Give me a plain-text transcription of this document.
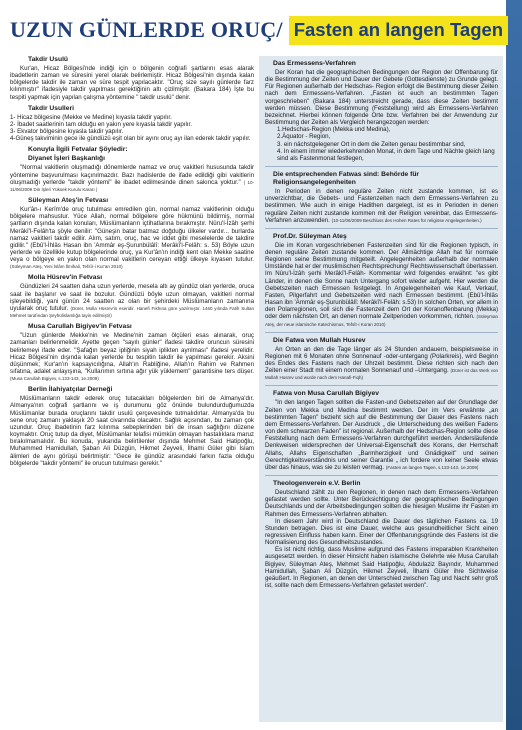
UZUN GÜNLERDE ORUÇ/ Fasten an langen Tagen
Takdir Usulü

Kur'an, Hicaz Bölgesi'nde indiği için o bölgenin coğrafi şartlarını esas alarak ibadetlerin zaman ve süresini yerel olarak belirlemiştir. Hicaz Bölgesi'nin dışında kalan bölgelerde takdir ile zaman ve süre tespit yapılacaktır. "Oruç size sayılı günlerde farz kılınmıştır" ifadesiyle takdir yapılması gerektiğinin altı çizilmiştir. (Bakara 184) İşte bu tespiti yapmak için yapılan çalışma yöntemine " takdir usulü" denir.

Takdir Usulleri
1- Hicaz bölgesine (Mekke ve Medine) kıyasla takdir yapılır.
2- İbadet saatlerinin tam olduğu en yakın yere kıyasla takdir yapılır.
3- Ekvator bölgesine kıyasla takdir yapılır.
4-Güneş takviminin gece ile gündüzü eşit olan bir ayını oruç ayı ilan ederek takdir yapılır.
Konuyla İlgili Fetvalar Şöyledir:
Diyanet İşleri Başkanlığı

"Normal vakitlerin oluşmadığı dönemlerde namaz ve oruç vakitleri hususunda takdir yöntemine başvurulması kaçınılmazdır. Bazı hadislerde de ifade edildiği gibi vakitlerin oluşmadığı yerlerde "takdir yöntemi" ile ibadet edilmesinde dinen sakınca yoktur." ( 10-11/06/2009 Din İşleri Yüksek Kurulu Kararı )

Süleyman Ateş'in Fetvası

Kur'ân-ı Kerîm'de oruç tutulması emredilen gün, normal namaz vakitlerinin olduğu bölgelere mahsustur. Yüce Allah, normal bölgelere göre hükmünü bildirmiş, normal şartların dışında kalan konuları, Müslümanların içtihatlarına bırakmıştır. Nûru'l-İzâh şerhi Merâkî'l-Felâh'ta şöyle denilir: "Güneşin batar batmaz doğduğu ülkeler vardır... burlarda namaz vakitleri takdir edilir. Alım, satım, oruç, hac ve iddet gibi meselelerde de takdire gidilir." (Ebû'l-İhlâs Hasan ibn 'Ammâr eş-Şurunbülâlî: Merâkî'l-Felâh: s. 53) Böyle uzun yerlerde ve özellikle kutup bölgelerinde oruç, ya Kur'ân'ın indiği kent olan Mekke saatine veya o bölgeye en yakın olan normal vakitlerin cereyan ettiği ülkeye kıyasen tutulur. (Süleyman Ateş, Yeni İslâm İlmihali, Tefsîr-i Kur'an 2010)

Molla Hüsrev'in Fetvası

Gündüzleri 24 saatten daha uzun yerlerde, mesela altı ay gündüz olan yerlerde, oruca saat ile başlanır ve saat ile bozulur. Gündüzü böyle uzun olmayan, vakitleri normal işleyebildiği, yani günün 24 saatten az olan bir şehirdeki Müslümanların zamanına uyularak oruç tutulur. (Dürer, Molla Hüsrev'in eseridir. Hanefi Fıkhına göre yazılmıştır. 1460 yılında Fatih Sultan Mehmet tarafından Şeyhülislamlığa tayin edilmiştir)

Musa Carullah Bigiyev'in Fetvası

"Uzun günlerde Mekke'nin ve Medine'nin zaman ölçüleri esas alınarak, oruç zamanları belirlenmelidir. Ayette geçen "sayılı günler" ifadesi takdire oruncun süresini belirlemeyi ifade eder. "Şafağın beyaz ipliğinin siyah iplikten ayrılması" ifadesi yerelidir. Hicaz Bölgesi'nin dışında kalan yerlerde bu tespitin takdir ile yapılması gerekir. Aksini düşünmek; Kur'an'ın kapsayıcılığına, Allah'ın Rabliğine, Allah'ın Rahim ve Rahmen sıfatına, adalet anlayışına, "Kullarımın sırtına ağır yük yüklemem" garantisine ters düşer. (Musa Carullah Bigiyev, s.133-143, 1e.2009)

Berlin İlahiyatçılar Derneği

Müslümanların takdir ederek oruç tutacakları bölgelerden biri de Almanya'dır. Almanya'nın coğrafi şartlarını ve iş durumunu göz önünde bulundurduğumuzda Müslümanlar burada oruçlarını takdir usulü çerçevesinde tutmalıdırlar. Almanya'da bu sene oruç zamanı yaklaşık 20 saat civarında olacaktır. Sağlık açısından, bu zaman çok uzundur. Oruç ibadetinin farz kılınma sebeplerinden biri de insan sağlığını düzene koymaktır. Oruç tutup da diyet, Müslümanlar telafisi mümkün olmayan hastalıklara maruz bırakılmamalıdır. Bu konuda, yukarıda belirtilenler dışında Mehmet Said Hatipoğlu, Muhammed Hamidullah, Şaban Ali Düzgün, Hikmet Zeyveli, İlhami Güler gibi İslam âlimleri de aynı görüşü belirtmiştir: "Gece ile gündüz arasındaki farkın fazla olduğu bölgelerde "takdir yöntemi" ile orucun tutulması gerekir."

Das Ermessens-Verfahren

Der Koran hat die geographischen Bedingungen der Region der Offenbarung für die Bestimmung der Zeiten und Dauer der Gebete (Gottesdienste) zu Grunde gelegt. Für Regionen außerhalb der Hedschas- Region erfolgt die Bestimmung dieser Zeiten nach dem Ermessens-Verfahren. „Fasten ist euch an bestimmten Tagen vorgeschrieben" (Bakara 184) unterstreicht gerade, dass diese Zeiten bestimmt werden müssen. Diese Bestimmung (Feststellung) wird als Ermessens-Verfahren bezeichnet. Hierbei können folgende Orte bzw. Verfahren bei der Anwendung zur Bestimmung der Zeiten als Vergleich herangezogen werden:

1.Hedschas-Region (Mekka und Medina),
2.Äquator - Region,
3. ein nächstgelegener Ort in dem die Zeiten genau bestimmbar sind,
4. In einem immer wiederkehrenden Monat, in dem Tage und Nächte gleich lang sind als Fastenmonat festlegen,
Die entsprechenden Fatwas sind: Behörde für Religionsangelegenheiten

In Perioden in denen reguläre Zeiten nicht zustande kommen, ist es unverzichtbar, die Gebets- und Fastenzeiten nach dem Ermessens-Verfahren zu bestimmen. Wie auch in einige Hadithen dargelegt, ist es in Perioden in denen reguläre Zeiten nicht zustande kommen mit der Religion vereinbar, das Ermessens-Verfahren anzuwenden. (10-11/06/2009 Beschluss des Hohen Rates für religiöse Angelegenheiten.)

Prof.Dr. Süleyman Ateş

Die im Koran vorgeschriebenen Fastenzeiten sind für die Regionen typisch, in denen reguläre Zeiten zustande kommen. Der Allmächtige Allah hat für normale Regionen seine Bestimmung mitgeteilt. Angelegenheiten außerhalb der normalen Umstände hat er der muslimischen Rechtsprechung/ Rechtswissenschaft überlassen. Im Nûru'l-İzâh şerhi Merâkî'l-Felâh- Kommentar wird folgendes erwähnt: "es gibt Länder, in denen die Sonne nach Untergang sofort wieder aufgeht. Hier werden die Gebetszeiten nach Ermessen festgelegt. In Angelegenheiten wie Kauf, Verkauf, Fasten, Pilgerfahrt und Gebetszeiten wird nach Ermessen bestimmt. (Ebû'l-İhlâs Hasan ibn 'Ammâr eş-Şurunbülâlî: Merâkî'l-Felâh: s.53) In solchen Orten, vor allem in den Polarregionen, soll sich die Fastenzeit dem Ort der Koranoffenbarung (Mekka) oder dem nächsten Ort, an denen normale Zeitperioden vorkommen, richten. (Süleyman Ateş, der neue islamische Katechismus, Tefsîr-i Koran 2010)

Die Fatwa von Mullah Husrev

An Orten an den die Tage länger als 24 Stunden andauern, beispielsweise in Regionen mit 6 Monaten ohne Sonnenauf -oder-untergang (Polarkreis), wird Beginn des Endes des Fastens nach der Uhrzeit bestimmt. Diese richten sich nach den Zeiten einer Stadt mit einem normalen Sonnenauf und –Untergang. (Dürer ist das Werk von Mullah Husrev und wurde nach dem Hanafi-Fiqh)

Fatwa von Musa Carullah Bigiyev

"In den langen Tagen sollten die Fasten-und Gebetszeiten auf der Grundlage der Zeiten von Mekka und Medina bestimmt werden. Der im Vers erwähnte „an bestimmten Tagen" bezieht sich auf die Bestimmung der Dauer des Fastens nach dem Ermessens-Verfahren. Der Ausdruck „ die Unterscheidung des weißen Fadens von dem schwarzen Faden" ist regional. Außerhalb der Hedschas-Region sollte diese Feststellung nach dem Ermessens-Verfahren durchgeführt werden. Andersläufende Denkweisen widersprechen der Universal-Eigenschaft des Korans, der Herrschaft Allahs, Allahs Eigenschaften „Barmherzigkeit und Gnädigkeit" und seinen Gerechtigkeitsverständnis und seiner Garantie „ ich fordere von keiner Seele etwas über das hinaus, was sie zu leisten vermag. (Fasten an langen Tagen, s.133-143, 1e.2009)

Theologenverein e.V. Berlin

Deutschland zählt zu den Regionen, in denen nach dem Ermessens-Verfahren gefastet werden sollte. Unter Berücksichtigung der geographischen Bedingungen Deutschlands und der Arbeitsbedingungen sollten die hiesigen Muslime ihr Fasten im Rahmen des Ermessens-Verfahren abhalten.

In diesem Jahr wird in Deutschland die Dauer des täglichen Fastens ca. 19 Stunden betragen. Dies ist eine Dauer, welche aus gesundheitlicher Sicht einen regressiven Einfluss haben kann. Einer der Offenbarungsgründe des Fastens ist die Normalisierung des Gesundheitszustandes.

Es ist nicht richtig, dass Muslime aufgrund des Fastens irreparablen Krankheiten ausgesetzt werden. In dieser Hinsicht haben islamische Gelehrte wie Musa Carullah Bigiyev, Süleyman Ateş, Mehmet Said Hatipoğlu, Abdulaziz Bayındır, Muhammed Hamidullah, Şaban Ali Düzgün, Hikmet Zeyveli, İlhami Güler ihre Sichtweise geäußert. In Regionen, an denen der Unterschied zwischen Tag und Nacht sehr groß ist, sollte nach dem Ermessens-Verfahren gefastet werden".
